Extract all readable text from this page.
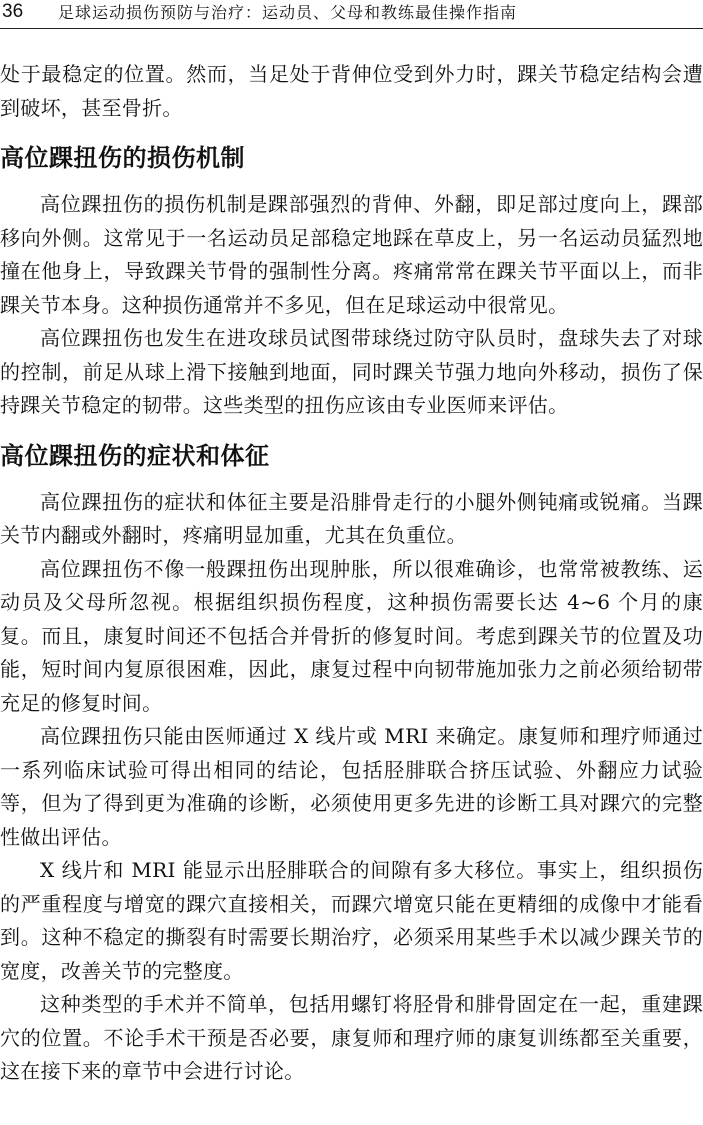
36 足球运动损伤预防与治疗：运动员、父母和教练最佳操作指南

处于最稳定的位置。然而，当足处于背伸位受到外力时，踝关节稳定结构会遭到破坏，甚至骨折。

高位踝扭伤的损伤机制

高位踝扭伤的损伤机制是踝部强烈的背伸、外翻，即足部过度向上，踝部移向外侧。这常见于一名运动员足部稳定地踩在草皮上，另一名运动员猛烈地撞在他身上，导致踝关节骨的强制性分离。疼痛常常在踝关节平面以上，而非踝关节本身。这种损伤通常并不多见，但在足球运动中很常见。

高位踝扭伤也发生在进攻球员试图带球绕过防守队员时，盘球失去了对球的控制，前足从球上滑下接触到地面，同时踝关节强力地向外移动，损伤了保持踝关节稳定的韧带。这些类型的扭伤应该由专业医师来评估。

高位踝扭伤的症状和体征

高位踝扭伤的症状和体征主要是沿腓骨走行的小腿外侧钝痛或锐痛。当踝关节内翻或外翻时，疼痛明显加重，尤其在负重位。

高位踝扭伤不像一般踝扭伤出现肿胀，所以很难确诊，也常常被教练、运动员及父母所忽视。根据组织损伤程度，这种损伤需要长达 4~6 个月的康复。而且，康复时间还不包括合并骨折的修复时间。考虑到踝关节的位置及功能，短时间内复原很困难，因此，康复过程中向韧带施加张力之前必须给韧带充足的修复时间。

高位踝扭伤只能由医师通过 X 线片或 MRI 来确定。康复师和理疗师通过一系列临床试验可得出相同的结论，包括胫腓联合挤压试验、外翻应力试验等，但为了得到更为准确的诊断，必须使用更多先进的诊断工具对踝穴的完整性做出评估。

X 线片和 MRI 能显示出胫腓联合的间隙有多大移位。事实上，组织损伤的严重程度与增宽的踝穴直接相关，而踝穴增宽只能在更精细的成像中才能看到。这种不稳定的撕裂有时需要长期治疗，必须采用某些手术以减少踝关节的宽度，改善关节的完整度。

这种类型的手术并不简单，包括用螺钉将胫骨和腓骨固定在一起，重建踝穴的位置。不论手术干预是否必要，康复师和理疗师的康复训练都至关重要，这在接下来的章节中会进行讨论。
